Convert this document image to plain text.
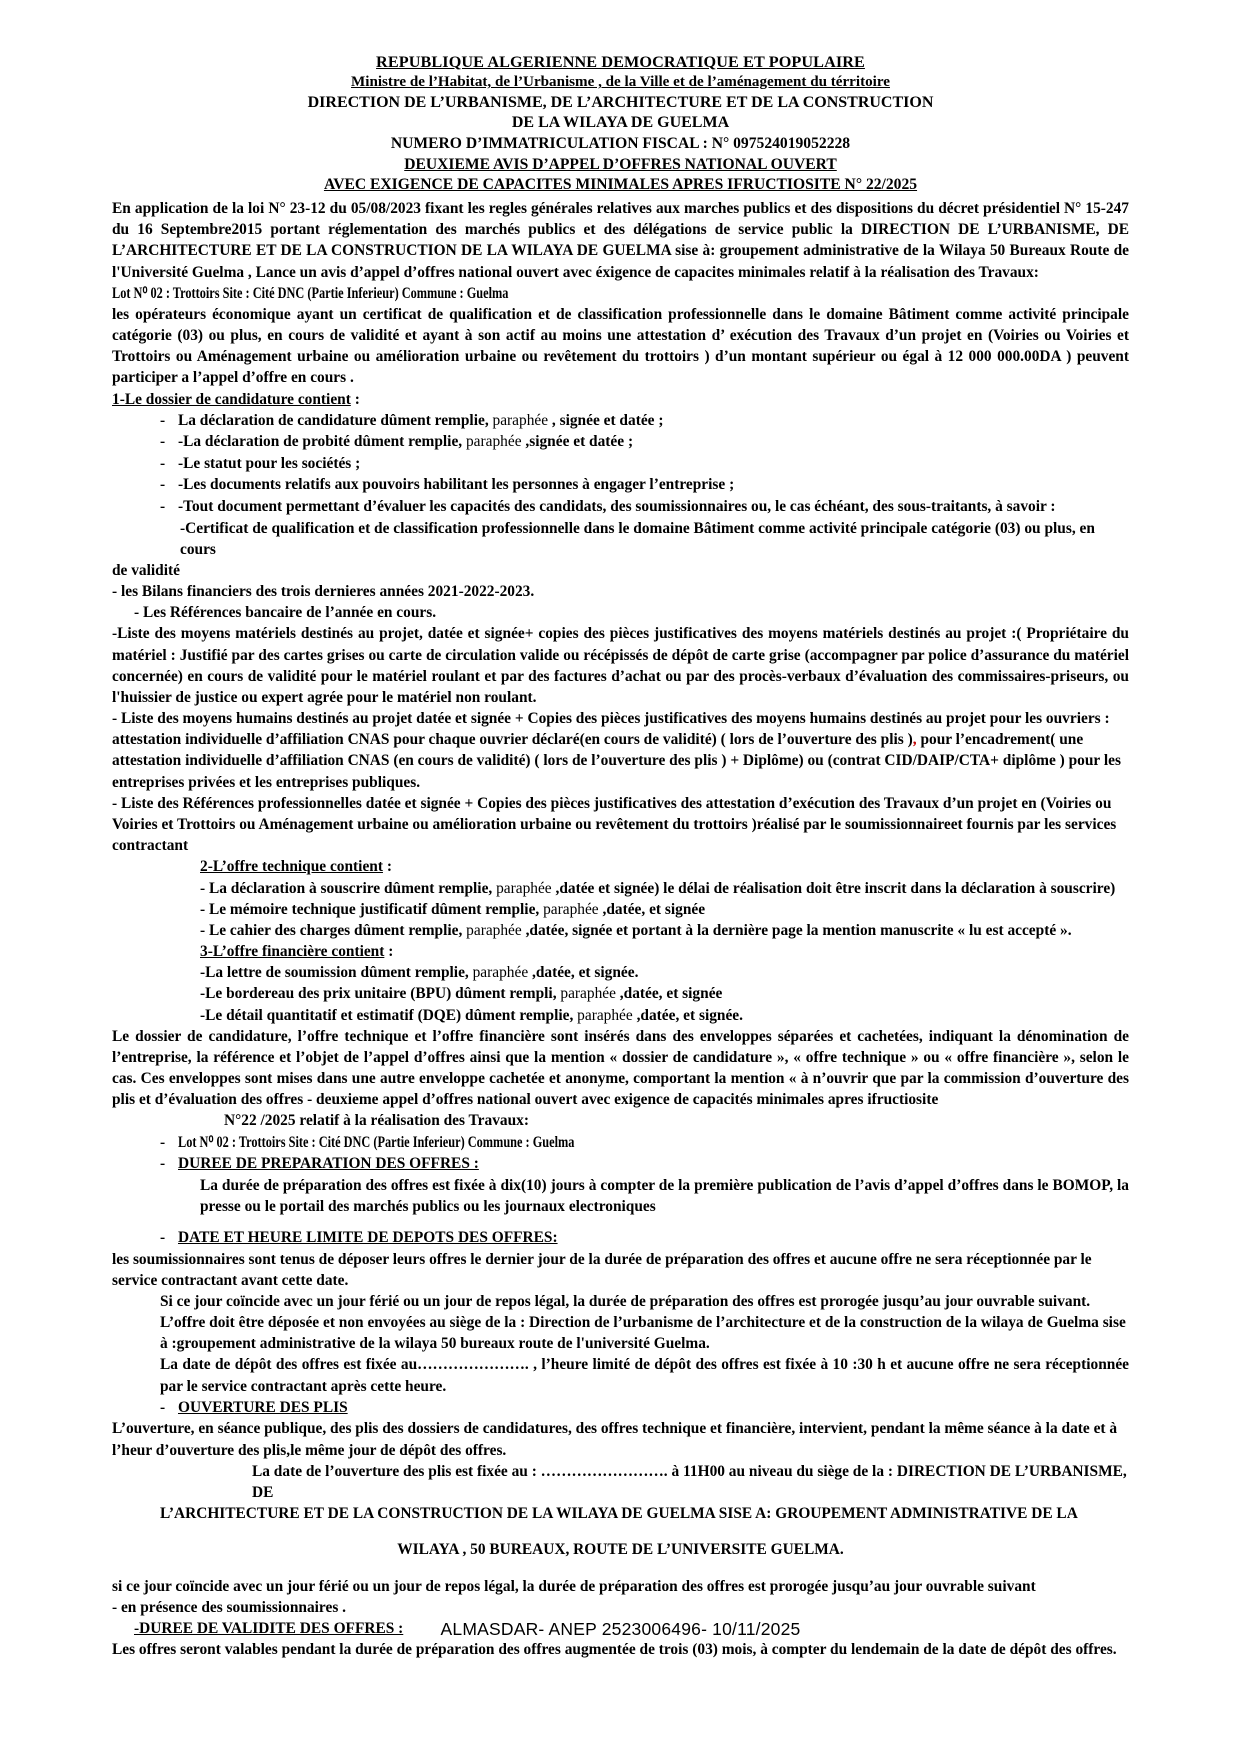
REPUBLIQUE ALGERIENNE DEMOCRATIQUE ET POPULAIRE
Ministre de l’Habitat, de l’Urbanisme , de la Ville et de l’aménagement du térritoire
DIRECTION DE L’URBANISME, DE L’ARCHITECTURE ET DE LA CONSTRUCTION
DE LA WILAYA DE GUELMA
NUMERO D’IMMATRICULATION FISCAL : N° 097524019052228
DEUXIEME AVIS D’APPEL D’OFFRES NATIONAL OUVERT
AVEC EXIGENCE DE CAPACITES MINIMALES APRES IFRUCTIOSITE N° 22/2025

En application de la loi N° 23-12 du 05/08/2023 fixant les regles générales relatives aux marches publics et des dispositions du décret présidentiel N° 15-247 du 16 Septembre2015 portant réglementation des marchés publics et des délégations de service public la DIRECTION DE L’URBANISME, DE L’ARCHITECTURE ET DE LA CONSTRUCTION DE LA WILAYA DE GUELMA sise à: groupement administrative de la Wilaya 50 Bureaux Route de l'Université Guelma , Lance un avis d’appel d’offres national ouvert avec éxigence de capacites minimales relatif à la réalisation des Travaux:

Lot N⁰ 02 : Trottoirs Site : Cité DNC (Partie Inferieur) Commune : Guelma

les opérateurs économique ayant un certificat de qualification et de classification professionnelle dans le domaine Bâtiment comme activité principale catégorie (03) ou plus, en cours de validité et ayant à son actif au moins une attestation d’ exécution des Travaux d’un projet en (Voiries ou Voiries et Trottoirs ou Aménagement urbaine ou amélioration urbaine ou revêtement du trottoirs ) d’un montant supérieur ou égal à 12 000 000.00DA ) peuvent participer a l’appel d’offre en cours .

1-Le dossier de candidature contient :

- La déclaration de candidature dûment remplie, paraphée , signée et datée ;
- -La déclaration de probité dûment remplie, paraphée ,signée et datée ;
- -Le statut pour les sociétés ;
- -Les documents relatifs aux pouvoirs habilitant les personnes à engager l’entreprise ;
- -Tout document permettant d’évaluer les capacités des candidats, des soumissionnaires ou, le cas échéant, des sous-traitants, à savoir :

-Certificat de qualification et de classification professionnelle dans le domaine Bâtiment comme activité principale catégorie (03) ou plus, en cours

de validité

- les Bilans financiers des trois dernieres années 2021-2022-2023.

- Les Références bancaire de l’année en cours.

-Liste des moyens matériels destinés au projet, datée et signée+ copies des pièces justificatives des moyens matériels destinés au projet :( Propriétaire du matériel : Justifié par des cartes grises ou carte de circulation valide ou récépissés de dépôt de carte grise (accompagner par police d’assurance du matériel concernée) en cours de validité pour le matériel roulant et par des factures d’achat ou par des procès-verbaux d’évaluation des commissaires-priseurs, ou l'huissier de justice ou expert agrée pour le matériel non roulant.

- Liste des moyens humains destinés au projet datée et signée + Copies des pièces justificatives des moyens humains destinés au projet pour les ouvriers : attestation individuelle d’affiliation CNAS pour chaque ouvrier déclaré(en cours de validité) ( lors de l’ouverture des plis ), pour l’encadrement( une attestation individuelle d’affiliation CNAS (en cours de validité) ( lors de l’ouverture des plis ) + Diplôme) ou (contrat CID/DAIP/CTA+ diplôme ) pour les entreprises privées et les entreprises publiques.

- Liste des Références professionnelles datée et signée + Copies des pièces justificatives des attestation d’exécution des Travaux d’un projet en (Voiries ou Voiries et Trottoirs ou Aménagement urbaine ou amélioration urbaine ou revêtement du trottoirs )réalisé par le soumissionnaireet fournis par les services contractant

2-L’offre technique contient :

- La déclaration à souscrire dûment remplie, paraphée ,datée et signée) le délai de réalisation doit être inscrit dans la déclaration à souscrire)

- Le mémoire technique justificatif dûment remplie, paraphée ,datée, et signée

- Le cahier des charges dûment remplie, paraphée ,datée, signée et portant à la dernière page la mention manuscrite « lu est accepté ».

3-L’offre financière contient :

-La lettre de soumission dûment remplie, paraphée ,datée, et signée.

-Le bordereau des prix unitaire (BPU) dûment rempli, paraphée ,datée, et signée

-Le détail quantitatif et estimatif (DQE) dûment remplie, paraphée ,datée, et signée.

Le dossier de candidature, l’offre technique et l’offre financière sont insérés dans des enveloppes séparées et cachetées, indiquant la dénomination de l’entreprise, la référence et l’objet de l’appel d’offres ainsi que la mention « dossier de candidature », « offre technique » ou « offre financière », selon le cas. Ces enveloppes sont mises dans une autre enveloppe cachetée et anonyme, comportant la mention « à n’ouvrir que par la commission d’ouverture des plis et d’évaluation des offres - deuxieme appel d’offres national ouvert avec exigence de capacités minimales apres ifructiosite

N°22 /2025 relatif à la réalisation des Travaux:

- Lot N⁰ 02 : Trottoirs Site : Cité DNC (Partie Inferieur) Commune : Guelma
- DUREE DE PREPARATION DES OFFRES :

La durée de préparation des offres est fixée à dix(10) jours à compter de la première publication de l’avis d’appel d’offres dans le BOMOP, la presse ou le portail des marchés publics ou les journaux electroniques

- DATE ET HEURE LIMITE DE DEPOTS DES OFFRES:

les soumissionnaires sont tenus de déposer leurs offres le dernier jour de la durée de préparation des offres et aucune offre ne sera réceptionnée par le service contractant avant cette date.

Si ce jour coïncide avec un jour férié ou un jour de repos légal, la durée de préparation des offres est prorogée jusqu’au jour ouvrable suivant.

L’offre doit être déposée et non envoyées au siège de la : Direction de l’urbanisme de l’architecture et de la construction de la wilaya de Guelma sise à :groupement administrative de la wilaya 50 bureaux route de l'université Guelma.

La date de dépôt des offres est fixée au…………………. , l’heure limité de dépôt des offres est fixée à 10 :30 h et aucune offre ne sera réceptionnée par le service contractant après cette heure.

- OUVERTURE DES PLIS

L’ouverture, en séance publique, des plis des dossiers de candidatures, des offres technique et financière, intervient, pendant la même séance à la date et à l’heur d’ouverture des plis,le même jour de dépôt des offres.

La date de l’ouverture des plis est fixée au : ……………………. à 11H00 au niveau du siège de la : DIRECTION DE L’URBANISME, DE

L’ARCHITECTURE ET DE LA CONSTRUCTION DE LA WILAYA DE GUELMA SISE A: GROUPEMENT ADMINISTRATIVE DE LA

WILAYA , 50 BUREAUX, ROUTE DE L’UNIVERSITE GUELMA.

si ce jour coïncide avec un jour férié ou un jour de repos légal, la durée de préparation des offres est prorogée jusqu’au jour ouvrable suivant

- en présence des soumissionnaires .

-DUREE DE VALIDITE DES OFFRES :

Les offres seront valables pendant la durée de préparation des offres augmentée de trois (03) mois, à compter du lendemain de la date de dépôt des offres.

ALMASDAR- ANEP 2523006496- 10/11/2025
